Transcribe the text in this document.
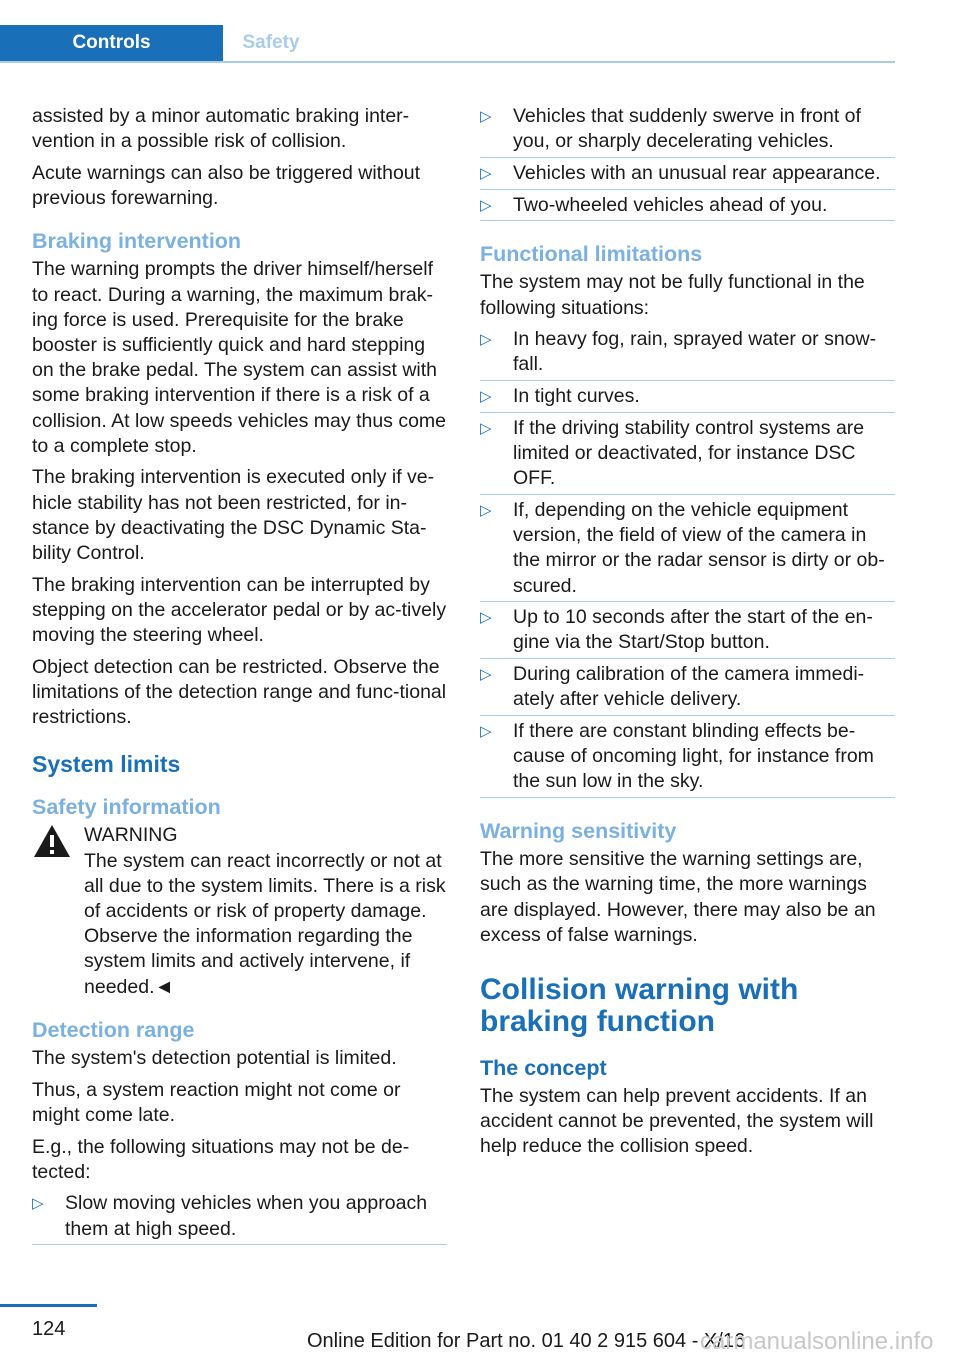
Controls	Safety

assisted by a minor automatic braking inter-vention in a possible risk of collision.

Acute warnings can also be triggered without previous forewarning.

Braking intervention

The warning prompts the driver himself/herself to react. During a warning, the maximum brak-ing force is used. Prerequisite for the brake booster is sufficiently quick and hard stepping on the brake pedal. The system can assist with some braking intervention if there is a risk of a collision. At low speeds vehicles may thus come to a complete stop.

The braking intervention is executed only if ve-hicle stability has not been restricted, for in-stance by deactivating the DSC Dynamic Sta-bility Control.

The braking intervention can be interrupted by stepping on the accelerator pedal or by ac-tively moving the steering wheel.

Object detection can be restricted. Observe the limitations of the detection range and func-tional restrictions.

System limits
Safety information
WARNING
The system can react incorrectly or not at all due to the system limits. There is a risk of accidents or risk of property damage. Observe the information regarding the system limits and actively intervene, if needed.◄
Detection range

The system's detection potential is limited.

Thus, a system reaction might not come or might come late.

E.g., the following situations may not be de-tected:

▷	Slow moving vehicles when you approach them at high speed.
▷	Vehicles that suddenly swerve in front of you, or sharply decelerating vehicles.
▷	Vehicles with an unusual rear appearance.
▷	Two-wheeled vehicles ahead of you.
Functional limitations

The system may not be fully functional in the following situations:

▷	In heavy fog, rain, sprayed water or snow-fall.
▷	In tight curves.
▷	If the driving stability control systems are limited or deactivated, for instance DSC OFF.
▷	If, depending on the vehicle equipment version, the field of view of the camera in the mirror or the radar sensor is dirty or ob-scured.
▷	Up to 10 seconds after the start of the en-gine via the Start/Stop button.
▷	During calibration of the camera immedi-ately after vehicle delivery.
▷	If there are constant blinding effects be-cause of oncoming light, for instance from the sun low in the sky.
Warning sensitivity

The more sensitive the warning settings are, such as the warning time, the more warnings are displayed. However, there may also be an excess of false warnings.

Collision warning with braking function
The concept

The system can help prevent accidents. If an accident cannot be prevented, the system will help reduce the collision speed.

124
Online Edition for Part no. 01 40 2 915 604 - X/16
carmanualsonline.info
